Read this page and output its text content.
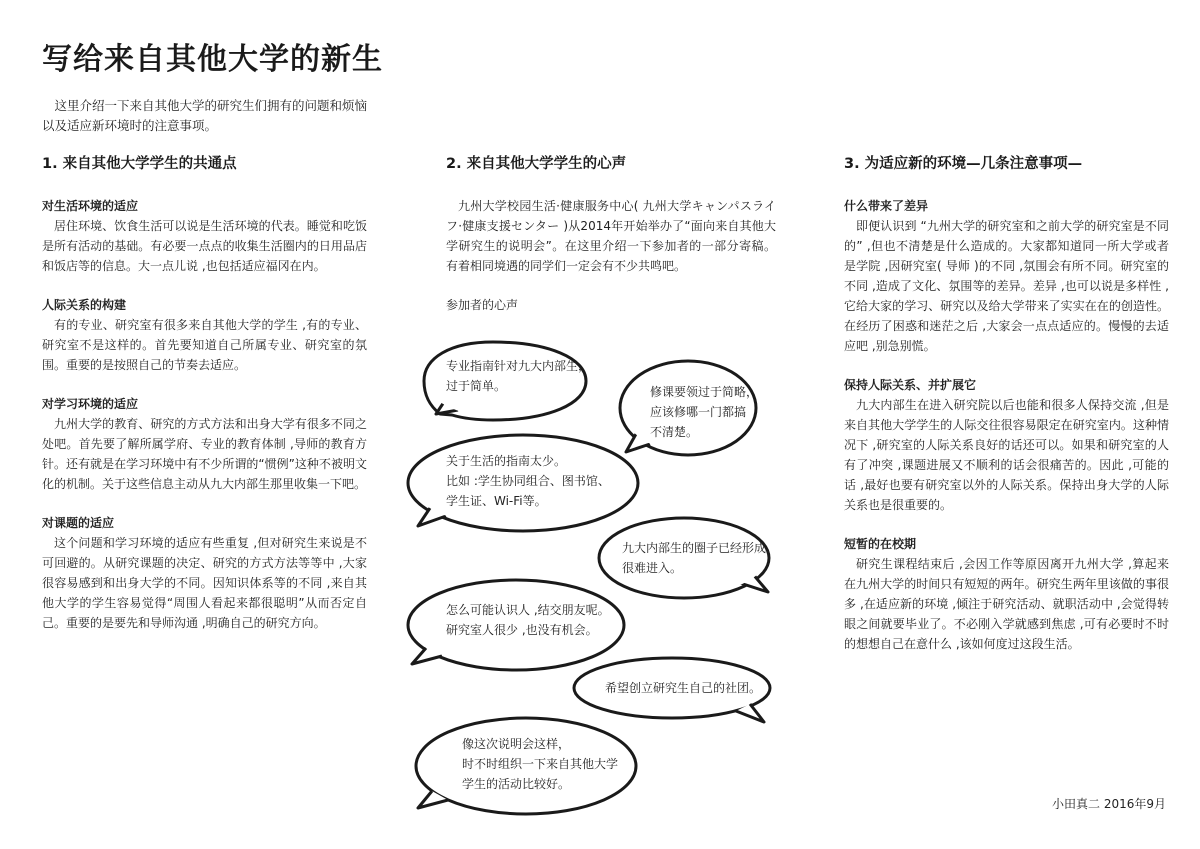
写给来自其他大学的新生

这里介绍一下来自其他大学的研究生们拥有的问题和烦恼 以及适应新环境时的注意事项。

1. 来自其他大学学生的共通点
对生活环境的适应

居住环境、饮食生活可以说是生活环境的代表。睡觉和吃饭是所有活动的基础。有必要一点点的收集生活圈内的日用品店和饭店等的信息。大一点儿说 ,也包括适应福冈在内。

人际关系的构建

有的专业、研究室有很多来自其他大学的学生 ,有的专业、研究室不是这样的。首先要知道自己所属专业、研究室的氛围。重要的是按照自己的节奏去适应。

对学习环境的适应

九州大学的教育、研究的方式方法和出身大学有很多不同之处吧。首先要了解所属学府、专业的教育体制 ,导师的教育方针。还有就是在学习环境中有不少所谓的“惯例”这种不被明文化的机制。关于这些信息主动从九大内部生那里收集一下吧。

对课题的适应

这个问题和学习环境的适应有些重复 ,但对研究生来说是不可回避的。从研究课题的决定、研究的方式方法等等中 ,大家很容易感到和出身大学的不同。因知识体系等的不同 ,来自其他大学的学生容易觉得“周围人看起来都很聪明”从而否定自己。重要的是要先和导师沟通 ,明确自己的研究方向。

2. 来自其他大学学生的心声

九州大学校园生活·健康服务中心( 九州大学キャンパスライフ·健康支援センター )从2014年开始举办了“面向来自其他大学研究生的说明会”。在这里介绍一下参加者的一部分寄稿。有着相同境遇的同学们一定会有不少共鸣吧。

参加者的心声
专业指南针对九大内部生，
过于简单。	修课要领过于简略，
应该修哪一门都搞
不清楚。
关于生活的指南太少。
比如 :学生协同组合、图书馆、
学生证、Wi-Fi等。
九大内部生的圈子已经形成，
很难进入。
怎么可能认识人 ,结交朋友呢。
研究室人很少 ,也没有机会。
希望创立研究生自己的社团。
像这次说明会这样，
时不时组织一下来自其他大学
学生的活动比较好。
3. 为适应新的环境—几条注意事项—
什么带来了差异

即便认识到 “九州大学的研究室和之前大学的研究室是不同的” ,但也不清楚是什么造成的。大家都知道同一所大学或者是学院 ,因研究室( 导师 )的不同 ,氛围会有所不同。研究室的不同 ,造成了文化、氛围等的差异。差异 ,也可以说是多样性 ,它给大家的学习、研究以及给大学带来了实实在在的创造性。在经历了困惑和迷茫之后 ,大家会一点点适应的。慢慢的去适应吧 ,别急别慌。

保持人际关系、并扩展它

九大内部生在进入研究院以后也能和很多人保持交流 ,但是来自其他大学学生的人际交往很容易限定在研究室内。这种情况下 ,研究室的人际关系良好的话还可以。如果和研究室的人有了冲突 ,课题进展又不顺利的话会很痛苦的。因此 ,可能的话 ,最好也要有研究室以外的人际关系。保持出身大学的人际关系也是很重要的。

短暂的在校期

研究生课程结束后 ,会因工作等原因离开九州大学 ,算起来在九州大学的时间只有短短的两年。研究生两年里该做的事很多 ,在适应新的环境 ,倾注于研究活动、就职活动中 ,会觉得转眼之间就要毕业了。不必刚入学就感到焦虑 ,可有必要时不时的想想自己在意什么 ,该如何度过这段生活。

小田真二 2016年9月
